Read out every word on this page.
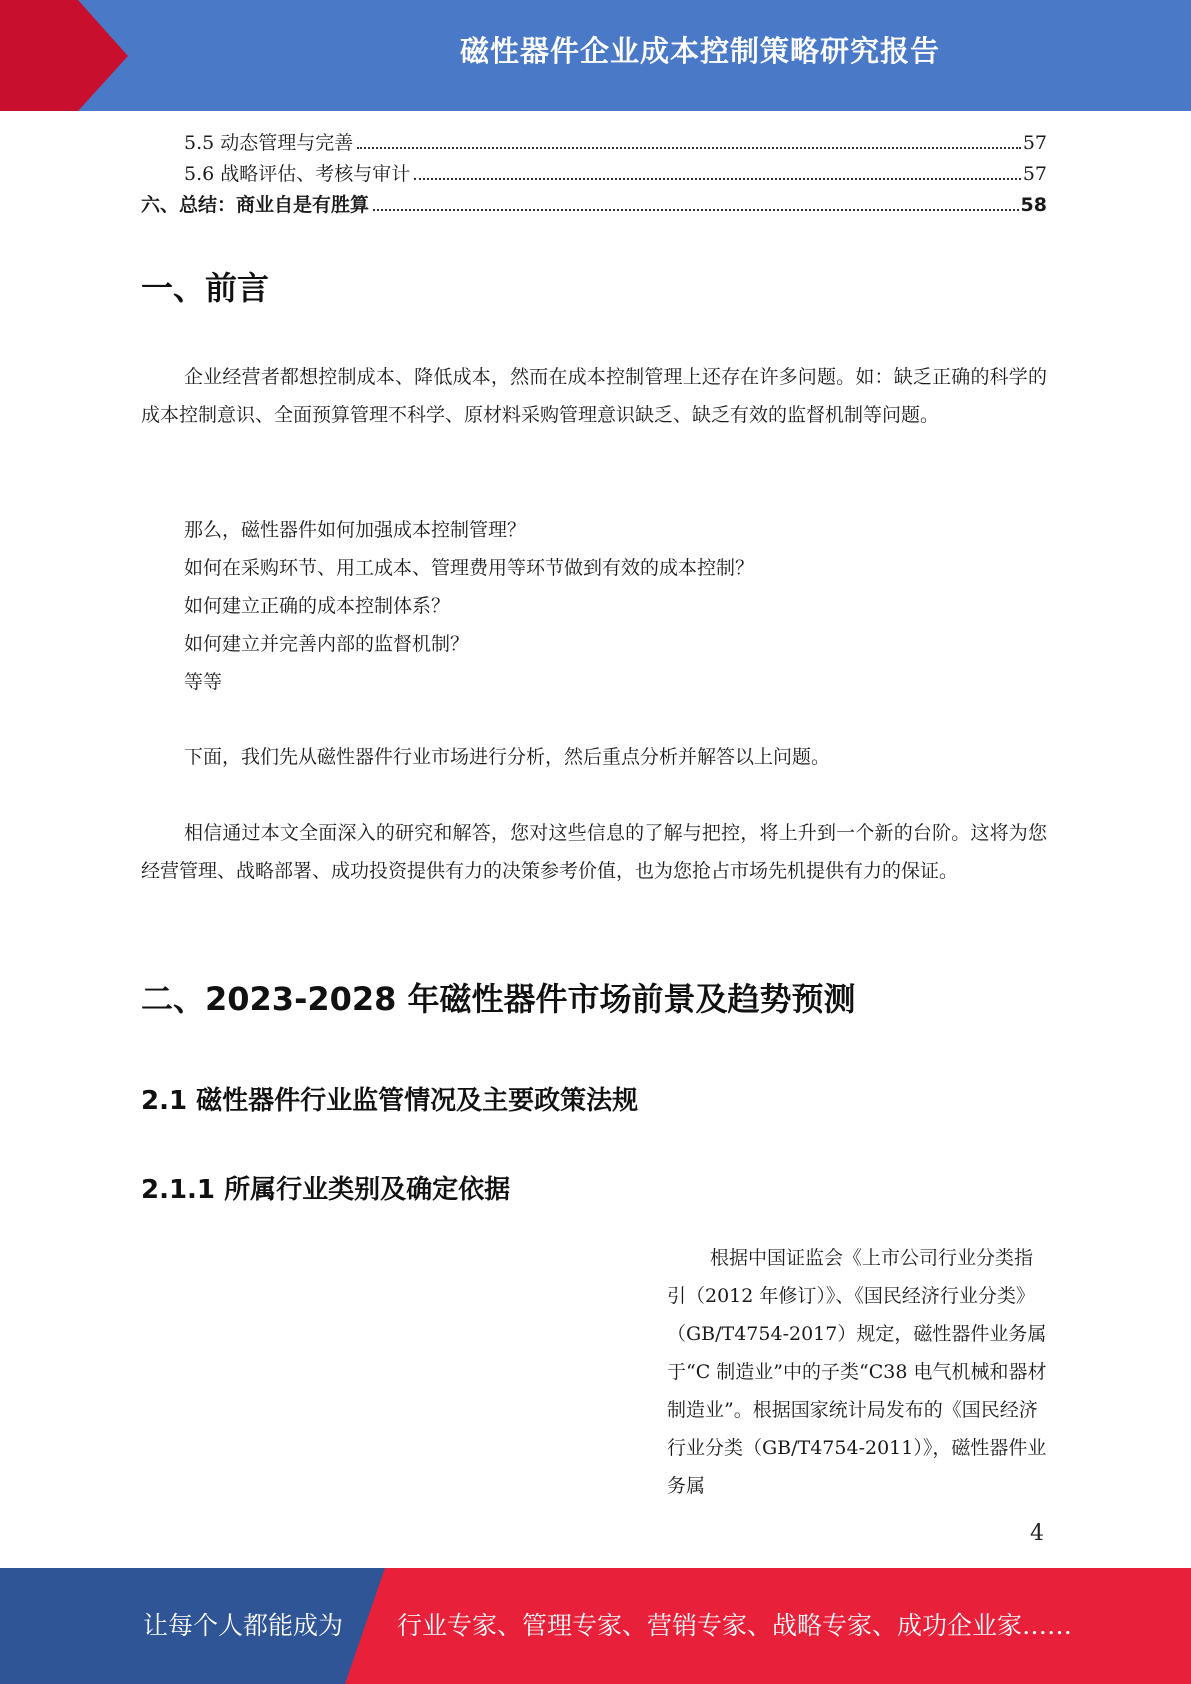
磁性器件企业成本控制策略研究报告
5.5 动态管理与完善	57
5.6 战略评估、考核与审计	57
六、总结：商业自是有胜算	58
一、前言

企业经营者都想控制成本、降低成本，然而在成本控制管理上还存在许多问题。如：缺乏正确的科学的成本控制意识、全面预算管理不科学、原材料采购管理意识缺乏、缺乏有效的监督机制等问题。

那么，磁性器件如何加强成本控制管理？

如何在采购环节、用工成本、管理费用等环节做到有效的成本控制？

如何建立正确的成本控制体系？

如何建立并完善内部的监督机制？

等等

下面，我们先从磁性器件行业市场进行分析，然后重点分析并解答以上问题。

相信通过本文全面深入的研究和解答，您对这些信息的了解与把控，将上升到一个新的台阶。这将为您经营管理、战略部署、成功投资提供有力的决策参考价值，也为您抢占市场先机提供有力的保证。

二、2023-2028 年磁性器件市场前景及趋势预测
2.1 磁性器件行业监管情况及主要政策法规
2.1.1 所属行业类别及确定依据

根据中国证监会《上市公司行业分类指引（2012 年修订）》、《国民经济行业分类》（GB/T4754-2017）规定，磁性器件业务属于“C 制造业”中的子类“C38 电气机械和器材制造业”。根据国家统计局发布的《国民经济行业分类（GB/T4754-2011）》，磁性器件业务属

4
让每个人都能成为 行业专家、管理专家、营销专家、战略专家、成功企业家……
